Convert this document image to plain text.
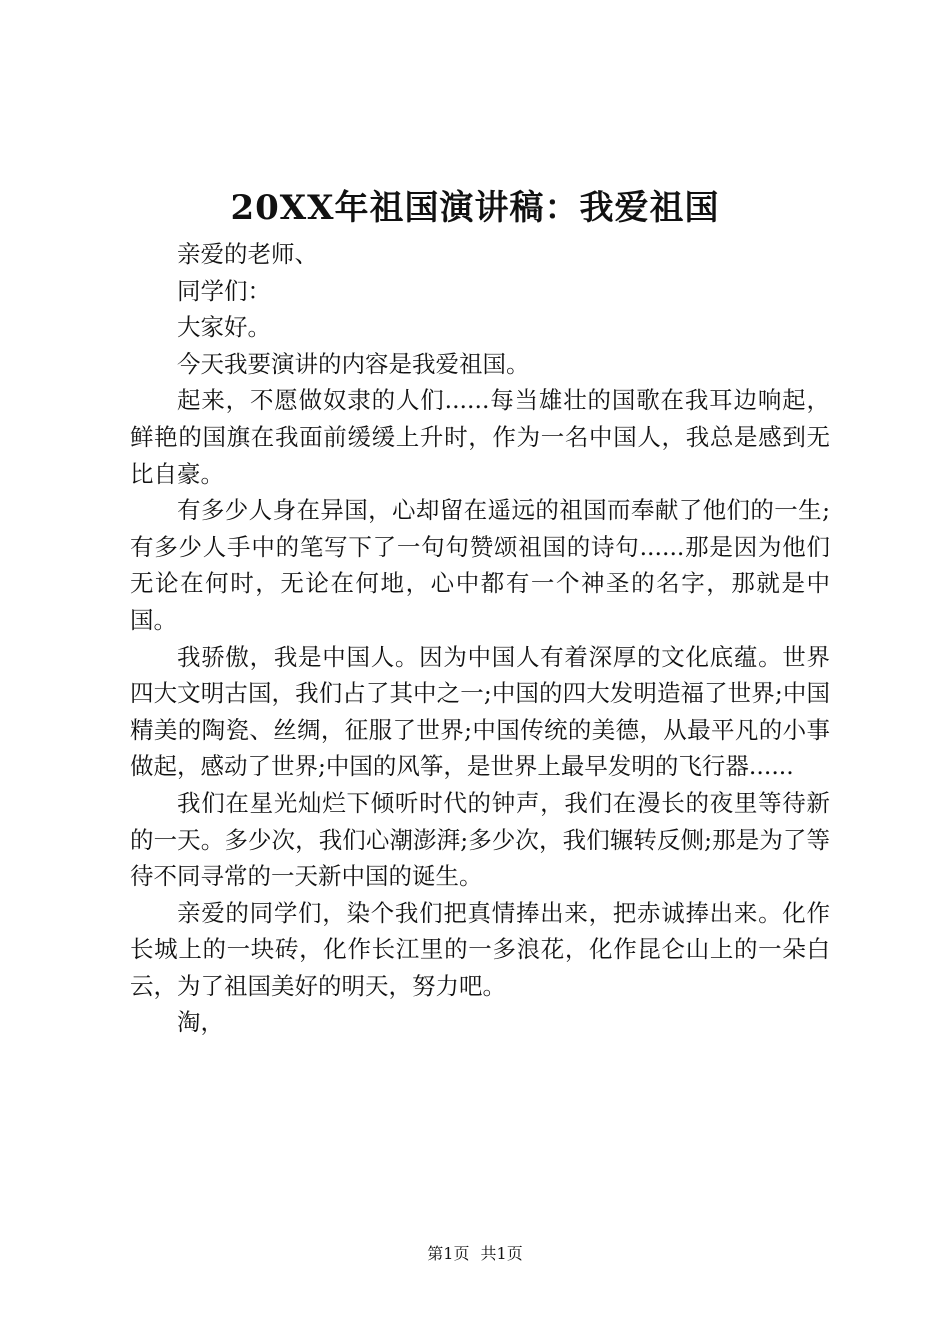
20XX年祖国演讲稿：我爱祖国

亲爱的老师、

同学们：

大家好。

今天我要演讲的内容是我爱祖国。

起来，不愿做奴隶的人们......每当雄壮的国歌在我耳边响起，鲜艳的国旗在我面前缓缓上升时，作为一名中国人，我总是感到无比自豪。

有多少人身在异国，心却留在遥远的祖国而奉献了他们的一生;有多少人手中的笔写下了一句句赞颂祖国的诗句......那是因为他们无论在何时，无论在何地，心中都有一个神圣的名字，那就是中国。

我骄傲，我是中国人。因为中国人有着深厚的文化底蕴。世界四大文明古国，我们占了其中之一;中国的四大发明造福了世界;中国精美的陶瓷、丝绸，征服了世界;中国传统的美德，从最平凡的小事做起，感动了世界;中国的风筝，是世界上最早发明的飞行器......

我们在星光灿烂下倾听时代的钟声，我们在漫长的夜里等待新的一天。多少次，我们心潮澎湃;多少次，我们辗转反侧;那是为了等待不同寻常的一天新中国的诞生。

亲爱的同学们，染个我们把真情捧出来，把赤诚捧出来。化作长城上的一块砖，化作长江里的一多浪花，化作昆仑山上的一朵白云，为了祖国美好的明天，努力吧。

淘，

第1页 共1页
